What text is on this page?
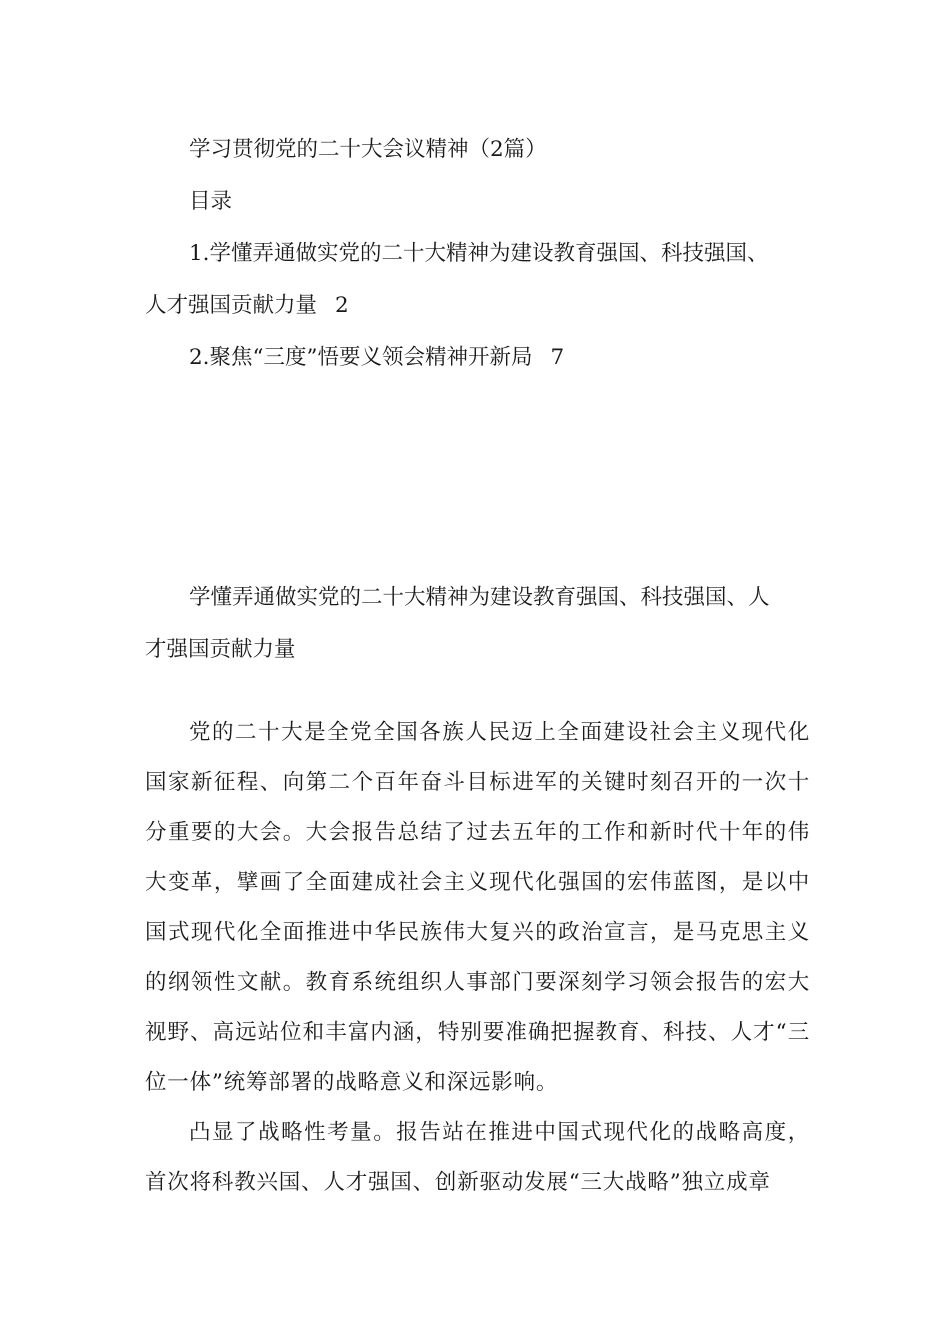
学习贯彻党的二十大会议精神（2篇）

目录

1.学懂弄通做实党的二十大精神为建设教育强国、科技强国、

人才强国贡献力量 2

2.聚焦“三度”悟要义领会精神开新局 7

学懂弄通做实党的二十大精神为建设教育强国、科技强国、人

才强国贡献力量

党的二十大是全党全国各族人民迈上全面建设社会主义现代化国家新征程、向第二个百年奋斗目标进军的关键时刻召开的一次十分重要的大会。大会报告总结了过去五年的工作和新时代十年的伟大变革，擘画了全面建成社会主义现代化强国的宏伟蓝图，是以中国式现代化全面推进中华民族伟大复兴的政治宣言，是马克思主义的纲领性文献。教育系统组织人事部门要深刻学习领会报告的宏大视野、高远站位和丰富内涵，特别要准确把握教育、科技、人才“三位一体”统筹部署的战略意义和深远影响。

凸显了战略性考量。报告站在推进中国式现代化的战略高度，首次将科教兴国、人才强国、创新驱动发展“三大战略”独立成章
